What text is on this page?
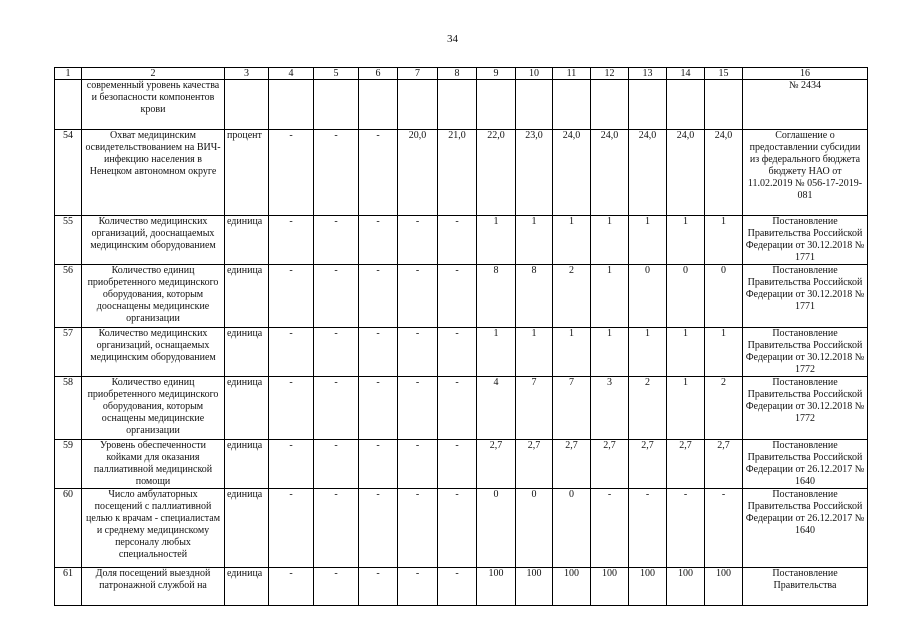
34
1	2	3	4	5	6	7	8	9	10	11	12	13	14	15	16
	современный уровень качества и безопасности компонентов крови														№ 2434
54	Охват медицинским освидетельствованием на ВИЧ-инфекцию населения в Ненецком автономном округе	процент	-	-	-	20,0	21,0	22,0	23,0	24,0	24,0	24,0	24,0	24,0	Соглашение о предоставлении субсидии из федерального бюджета бюджету НАО от 11.02.2019 № 056-17-2019-081
55	Количество медицинских организаций, дооснащаемых медицинским оборудованием	единица	-	-	-	-	-	1	1	1	1	1	1	1	Постановление Правительства Российской Федерации от 30.12.2018 № 1771
56	Количество единиц приобретенного медицинского оборудования, которым дооснащены медицинские организации	единица	-	-	-	-	-	8	8	2	1	0	0	0	Постановление Правительства Российской Федерации от 30.12.2018 № 1771
57	Количество медицинских организаций, оснащаемых медицинским оборудованием	единица	-	-	-	-	-	1	1	1	1	1	1	1	Постановление Правительства Российской Федерации от 30.12.2018 № 1772
58	Количество единиц приобретенного медицинского оборудования, которым оснащены медицинские организации	единица	-	-	-	-	-	4	7	7	3	2	1	2	Постановление Правительства Российской Федерации от 30.12.2018 № 1772
59	Уровень обеспеченности койками для оказания паллиативной медицинской помощи	единица	-	-	-	-	-	2,7	2,7	2,7	2,7	2,7	2,7	2,7	Постановление Правительства Российской Федерации от 26.12.2017 № 1640
60	Число амбулаторных посещений с паллиативной целью к врачам - специалистам и среднему медицинскому персоналу любых специальностей	единица	-	-	-	-	-	0	0	0	-	-	-	-	Постановление Правительства Российской Федерации от 26.12.2017 № 1640
61	Доля посещений выездной патронажной службой на	единица	-	-	-	-	-	100	100	100	100	100	100	100	Постановление Правительства
